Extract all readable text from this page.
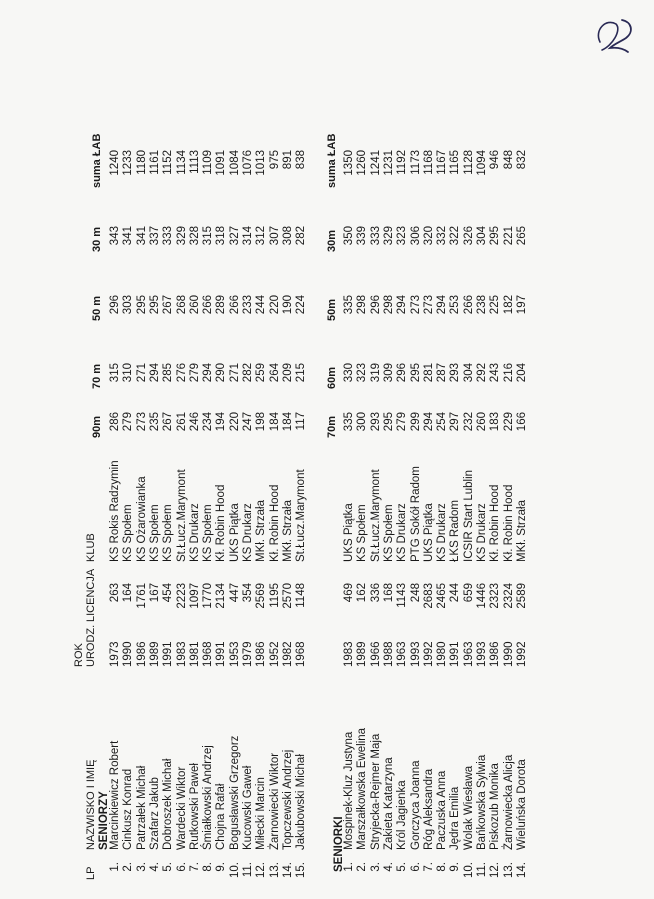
LP
NAZWISKO I IMIĘ
ROK URODZ.
LICENCJA
KLUB
SENIORZY
90m
70 m
50 m
30 m
suma ŁAB
1.
Marcinkiewicz Robert
1973
263
KS Rokis Radzymin
286
315
296
343
1240
2.
Cinkusz Konrad
1990
164
KS Społem
279
310
303
341
1233
3.
Patrzałek Michał
1986
1761
KS Ożarowianka
273
271
295
341
1180
4.
Szafarz Jakub
1989
167
KS Społem
235
294
295
337
1161
5.
Dobroszek Michał
1991
454
KS Społem
267
285
267
333
1152
6.
Wardecki Wiktor
1983
2223
St.Łucz.Marymont
261
276
268
329
1134
7.
Rutkowski Paweł
1981
1097
KS Drukarz
246
279
260
328
1113
8.
Śmiałkowski Andrzej
1968
1770
KS Społem
234
294
266
315
1109
9.
Chojna Rafał
1991
2134
Kł. Robin Hood
194
290
289
318
1091
10.
Bogusławski Grzegorz
1953
447
UKS Piątka
220
271
266
327
1084
11.
Kucowski Gaweł
1979
354
KS Drukarz
247
282
233
314
1076
12.
Miłecki Marcin
1986
2569
MKł. Strzała
198
259
244
312
1013
13.
Żarnowiecki Wiktor
1952
1195
Kł. Robin Hood
184
264
220
307
975
14.
Topczewski Andrzej
1982
2570
MKł. Strzała
184
209
190
308
891
15.
Jakubowski Michał
1968
1148
St.Łucz.Marymont
117
215
224
282
838
SENIORKI
70m
60m
50m
30m
suma ŁAB
1.
Mospinek-Kluz Justyna
1983
469
UKS Piątka
335
330
335
350
1350
2.
Marszałkowska Ewelina
1989
162
KS Społem
300
323
298
339
1260
3.
Stryjecka-Rejmer Maja
1966
336
St.Łucz.Marymont
293
319
296
333
1241
4.
Zakieta Katarzyna
1988
168
KS Społem
295
309
298
329
1231
5.
Król Jagienka
1963
1143
KS Drukarz
279
296
294
323
1192
6.
Gorczyca Joanna
1993
248
PTG Sokół Radom
299
295
273
306
1173
7.
Róg Aleksandra
1992
2683
UKS Piątka
294
281
273
320
1168
8.
Paczuska Anna
1980
2465
KS Drukarz
254
287
294
332
1167
9.
Jędra Emilia
1991
244
ŁKS Radom
297
293
253
322
1165
10.
Wolak Wiesława
1963
659
ICSIR Start Lublin
232
304
266
326
1128
11.
Bańkowska Sylwia
1993
1446
KS Drukarz
260
292
238
304
1094
12.
Piskozub Monika
1986
2323
Kł. Robin Hood
183
243
225
295
946
13.
Żarnowiecka Alicja
1990
2324
Kł. Robin Hood
229
216
182
221
848
14.
Wieluńska Dorota
1992
2589
MKł. Strzała
166
204
197
265
832
